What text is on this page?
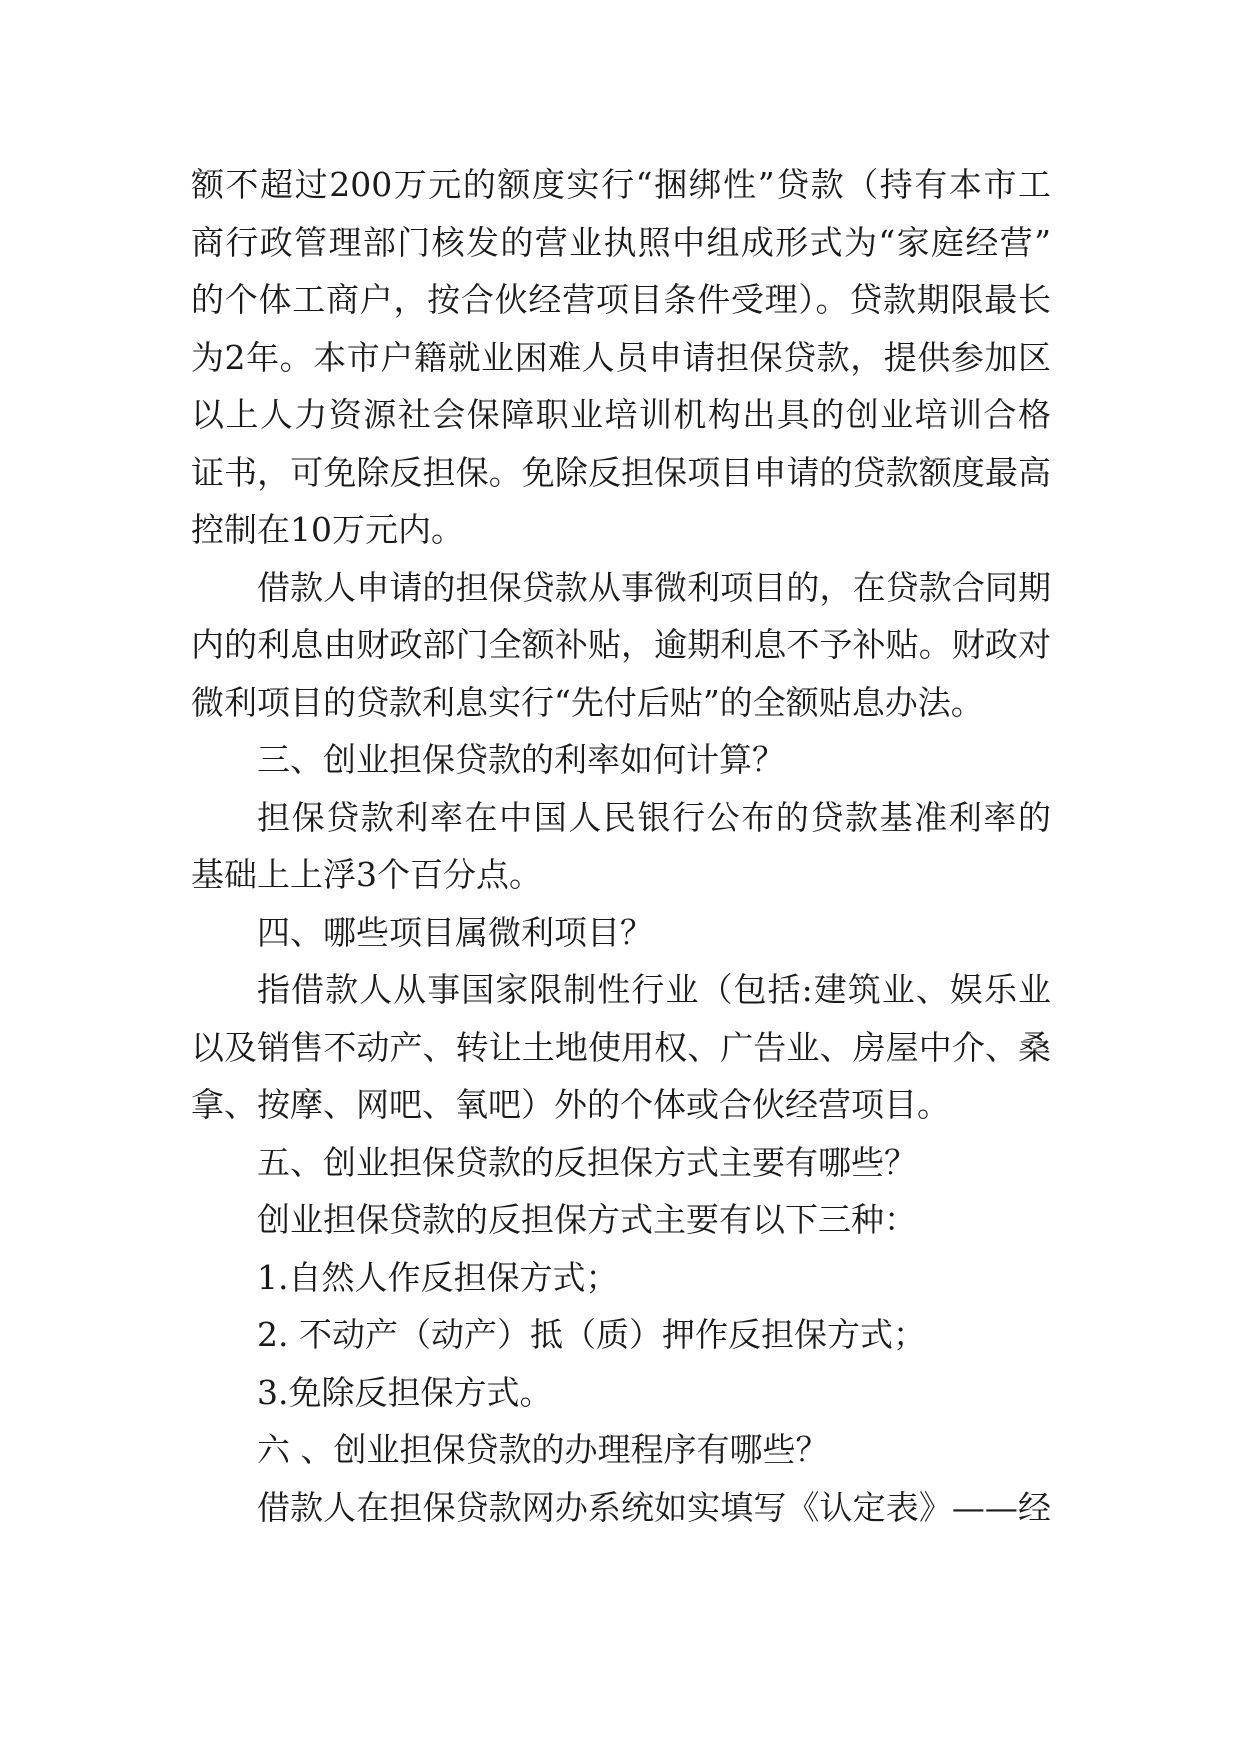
额不超过200万元的额度实行“捆绑性”贷款（持有本市工
商行政管理部门核发的营业执照中组成形式为“家庭经营”
的个体工商户，按合伙经营项目条件受理）。贷款期限最长
为2年。本市户籍就业困难人员申请担保贷款，提供参加区
以上人力资源社会保障职业培训机构出具的创业培训合格
证书，可免除反担保。免除反担保项目申请的贷款额度最高
控制在10万元内。
借款人申请的担保贷款从事微利项目的，在贷款合同期
内的利息由财政部门全额补贴，逾期利息不予补贴。财政对
微利项目的贷款利息实行“先付后贴”的全额贴息办法。
三、创业担保贷款的利率如何计算？
担保贷款利率在中国人民银行公布的贷款基准利率的
基础上上浮3个百分点。
四、哪些项目属微利项目？
指借款人从事国家限制性行业（包括:建筑业、娱乐业
以及销售不动产、转让土地使用权、广告业、房屋中介、桑
拿、按摩、网吧、氧吧）外的个体或合伙经营项目。
五、创业担保贷款的反担保方式主要有哪些？
创业担保贷款的反担保方式主要有以下三种：
1.自然人作反担保方式；
2. 不动产（动产）抵（质）押作反担保方式；
3.免除反担保方式。
六 、创业担保贷款的办理程序有哪些？
借款人在担保贷款网办系统如实填写《认定表》——经
